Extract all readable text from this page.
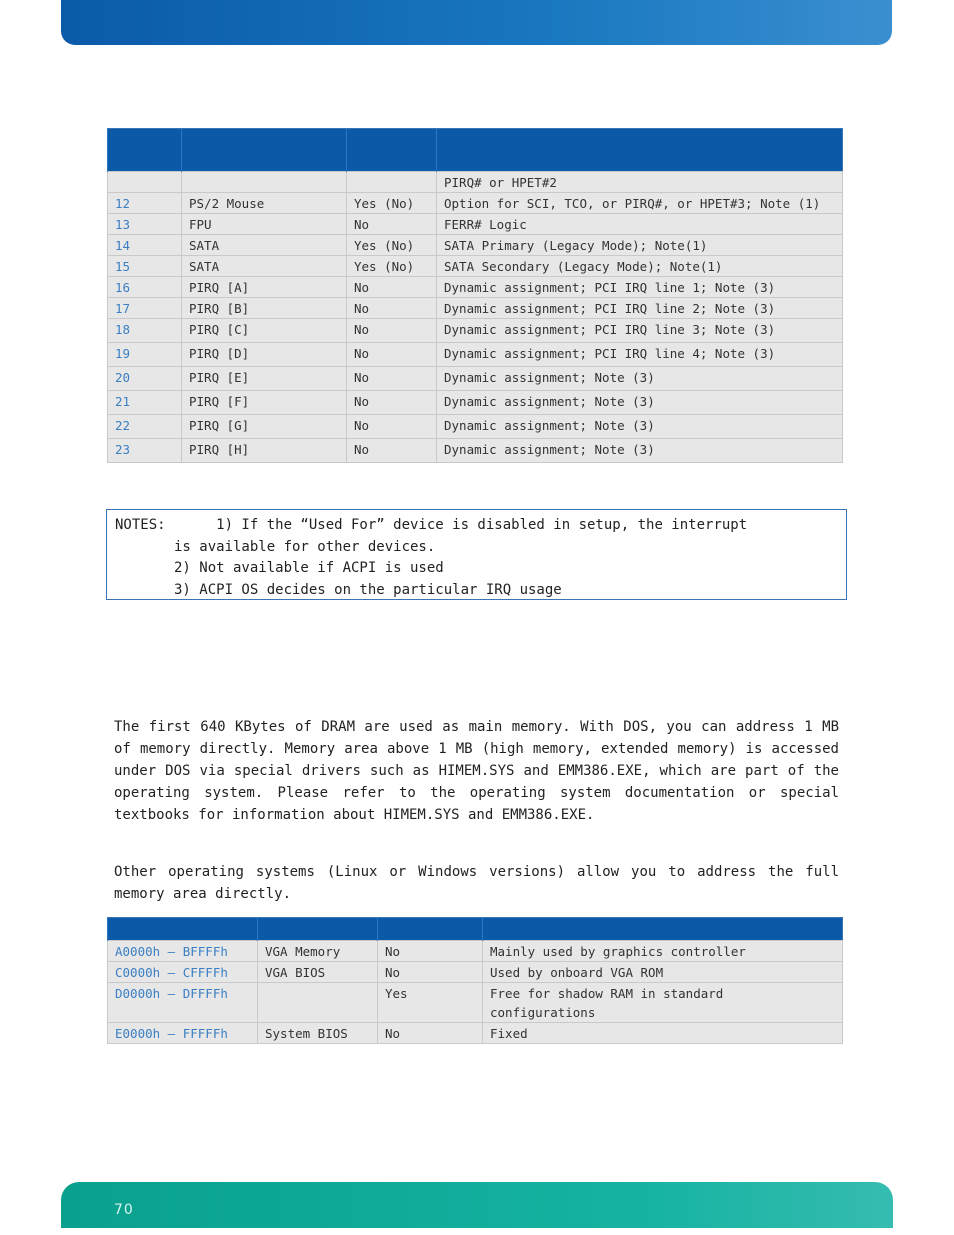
			PIRQ# or HPET#2
12	PS/2 Mouse	Yes (No)	Option for SCI, TCO, or PIRQ#, or HPET#3; Note (1)
13	FPU	No	FERR# Logic
14	SATA	Yes (No)	SATA Primary (Legacy Mode); Note(1)
15	SATA	Yes (No)	SATA Secondary (Legacy Mode); Note(1)
16	PIRQ [A]	No	Dynamic assignment; PCI IRQ line 1; Note (3)
17	PIRQ [B]	No	Dynamic assignment; PCI IRQ line 2; Note (3)
18	PIRQ [C]	No	Dynamic assignment; PCI IRQ line 3; Note (3)
19	PIRQ [D]	No	Dynamic assignment; PCI IRQ line 4; Note (3)
20	PIRQ [E]	No	Dynamic assignment; Note (3)
21	PIRQ [F]	No	Dynamic assignment; Note (3)
22	PIRQ [G]	No	Dynamic assignment; Note (3)
23	PIRQ [H]	No	Dynamic assignment; Note (3)
NOTES:      1) If the “Used For” device is disabled in setup, the interrupt
is available for other devices.
2) Not available if ACPI is used
3) ACPI OS decides on the particular IRQ usage

The first 640 KBytes of DRAM are used as main memory. With DOS, you can address 1 MB of memory directly. Memory area above 1 MB (high memory, extended memory) is accessed under DOS via special drivers such as HIMEM.SYS and EMM386.EXE, which are part of the operating system. Please refer to the operating system documentation or special textbooks for information about HIMEM.SYS and EMM386.EXE.

Other operating systems (Linux or Windows versions) allow you to address the full memory area directly.

A0000h – BFFFFh	VGA Memory	No	Mainly used by graphics controller
C0000h – CFFFFh	VGA BIOS	No	Used by onboard VGA ROM
D0000h – DFFFFh		Yes	Free for shadow RAM in standard configurations
E0000h – FFFFFh	System BIOS	No	Fixed
70
